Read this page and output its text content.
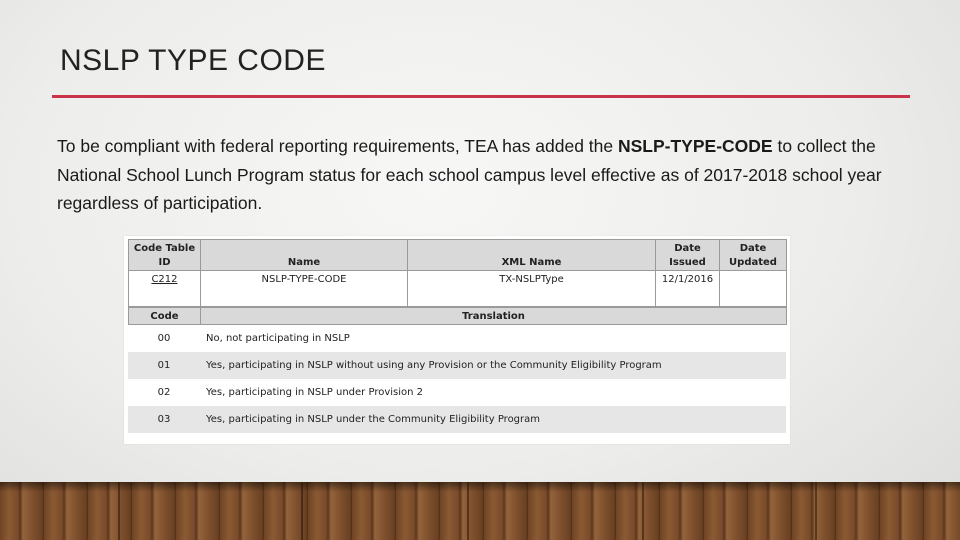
NSLP TYPE CODE

To be compliant with federal reporting requirements, TEA has added the NSLP-TYPE-CODE to collect the National School Lunch Program status for each school campus level effective as of 2017-2018 school year regardless of participation.

Code Table ID	Name	XML Name	Date Issued	Date Updated
C212	NSLP-TYPE-CODE	TX-NSLPType	12/1/2016	
Code	Translation
00	No, not participating in NSLP
01	Yes, participating in NSLP without using any Provision or the Community Eligibility Program
02	Yes, participating in NSLP under Provision 2
03	Yes, participating in NSLP under the Community Eligibility Program
